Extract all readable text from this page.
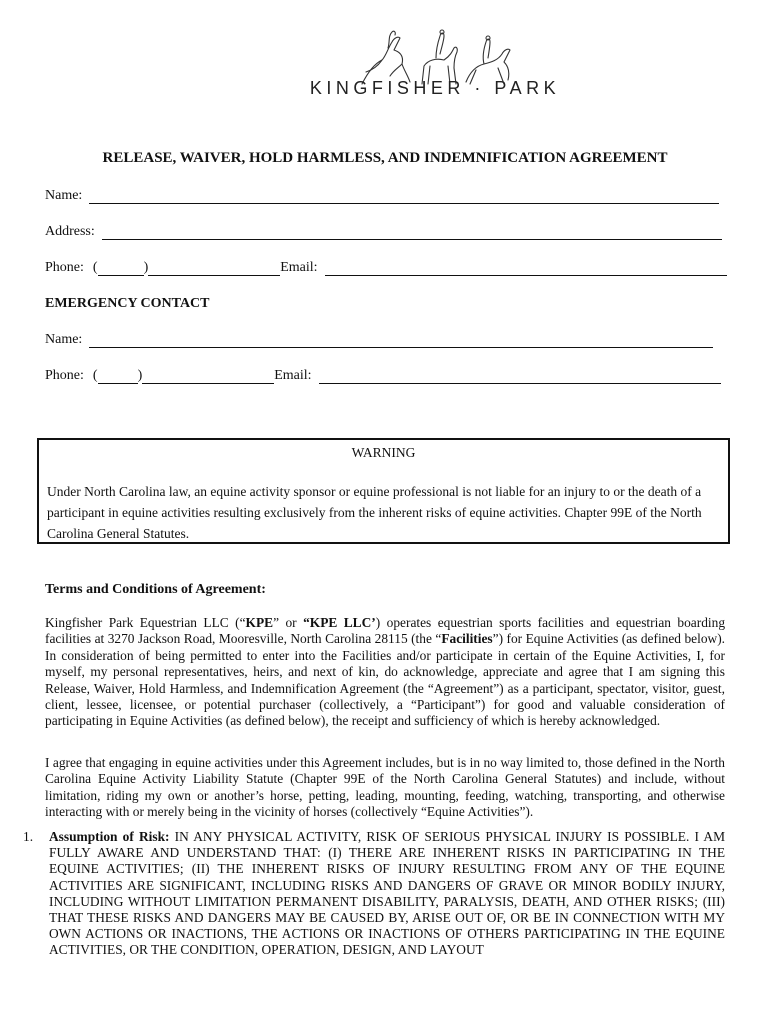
KINGFISHER · PARK
RELEASE, WAIVER, HOLD HARMLESS, AND INDEMNIFICATION AGREEMENT
Name:
Address:
Phone: (	)	Email:
EMERGENCY CONTACT
Name:
Phone: (	)	Email:
WARNING
Under North Carolina law, an equine activity sponsor or equine professional is not liable for an injury to or the death of a participant in equine activities resulting exclusively from the inherent risks of equine activities. Chapter 99E of the North Carolina General Statutes.
Terms and Conditions of Agreement:
Kingfisher Park Equestrian LLC (“KPE” or “KPE LLC’) operates equestrian sports facilities and equestrian boarding facilities at 3270 Jackson Road, Mooresville, North Carolina 28115 (the “Facilities”) for Equine Activities (as defined below). In consideration of being permitted to enter into the Facilities and/or participate in certain of the Equine Activities, I, for myself, my personal representatives, heirs, and next of kin, do acknowledge, appreciate and agree that I am signing this Release, Waiver, Hold Harmless, and Indemnification Agreement (the “Agreement”) as a participant, spectator, visitor, guest, client, lessee, licensee, or potential purchaser (collectively, a “Participant”) for good and valuable consideration of participating in Equine Activities (as defined below), the receipt and sufficiency of which is hereby acknowledged.
I agree that engaging in equine activities under this Agreement includes, but is in no way limited to, those defined in the North Carolina Equine Activity Liability Statute (Chapter 99E of the North Carolina General Statutes) and include, without limitation, riding my own or another’s horse, petting, leading, mounting, feeding, watching, transporting, and otherwise interacting with or merely being in the vicinity of horses (collectively “Equine Activities”).
1. Assumption of Risk: IN ANY PHYSICAL ACTIVITY, RISK OF SERIOUS PHYSICAL INJURY IS POSSIBLE. I AM FULLY AWARE AND UNDERSTAND THAT: (I) THERE ARE INHERENT RISKS IN PARTICIPATING IN THE EQUINE ACTIVITIES; (II) THE INHERENT RISKS OF INJURY RESULTING FROM ANY OF THE EQUINE ACTIVITIES ARE SIGNIFICANT, INCLUDING RISKS AND DANGERS OF GRAVE OR MINOR BODILY INJURY, INCLUDING WITHOUT LIMITATION PERMANENT DISABILITY, PARALYSIS, DEATH, AND OTHER RISKS; (III) THAT THESE RISKS AND DANGERS MAY BE CAUSED BY, ARISE OUT OF, OR BE IN CONNECTION WITH MY OWN ACTIONS OR INACTIONS, THE ACTIONS OR INACTIONS OF OTHERS PARTICIPATING IN THE EQUINE ACTIVITIES, OR THE CONDITION, OPERATION, DESIGN, AND LAYOUT
